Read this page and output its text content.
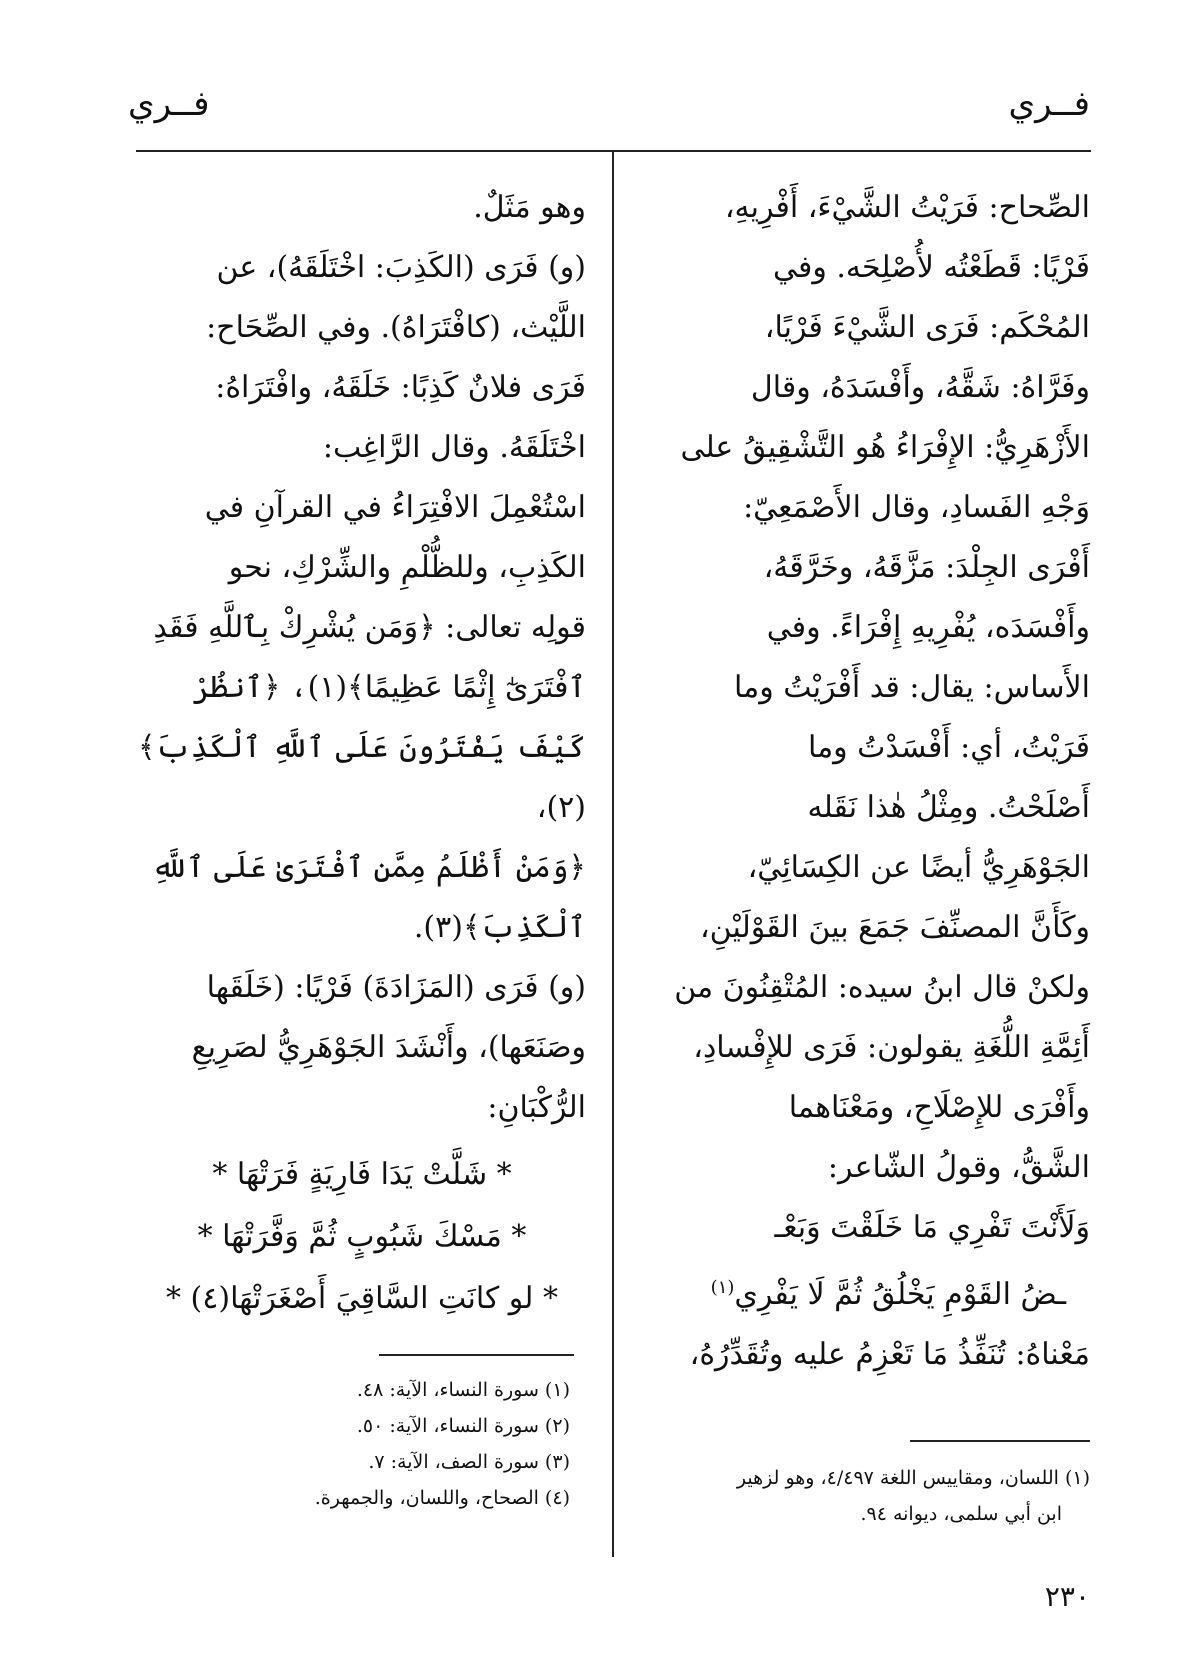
فــري
فــري

الصِّحاح: فَرَيْتُ الشَّيْءَ، أَفْرِيهِ،

فَرْيًا: قَطَعْتُه لأُصْلِحَه. وفي

المُحْكَم: فَرَى الشَّيْءَ فَرْيًا،

وفَرَّاهُ: شَقَّهُ، وأَفْسَدَهُ، وقال

الأَزْهَرِيُّ: الإِفْرَاءُ هُو التَّشْقِيقُ على

وَجْهِ الفَسادِ، وقال الأَصْمَعِيّ:

أَفْرَى الجِلْدَ: مَزَّقَهُ، وخَرَّقَهُ،

وأَفْسَدَه، يُفْرِيهِ إِفْرَاءً. وفي

الأَساس: يقال: قد أَفْرَيْتُ وما

فَرَيْتُ، أي: أَفْسَدْتُ وما

أَصْلَحْتُ. ومِثْلُ هٰذا نَقَله

الجَوْهَرِيُّ أيضًا عن الكِسَائِيّ،

وكَأَنَّ المصنِّفَ جَمَعَ بينَ القَوْلَيْنِ،

ولكنْ قال ابنُ سيده: المُتْقِنُونَ من

أَئِمَّةِ اللُّغَةِ يقولون: فَرَى للإِفْسادِ،

وأَفْرَى للإِصْلَاحِ، ومَعْنَاهما

الشَّقُّ، وقولُ الشّاعر:

وَلَأَنْتَ تَفْرِي مَا خَلَقْتَ وَبَعْـ

ـضُ القَوْمِ يَخْلُقُ ثُمَّ لَا يَفْرِي$^{(١)}$

مَعْناهُ: تُنَفِّذُ مَا تَعْزِمُ عليه وتُقَدِّرُهُ،

وهو مَثَلٌ.

(و) فَرَى (الكَذِبَ: اخْتَلَقَهُ)، عن

اللَّيْث، (كافْتَرَاهُ). وفي الصِّحَاح:

فَرَى فلانٌ كَذِبًا: خَلَقَهُ، وافْتَرَاهُ:

اخْتَلَقَهُ. وقال الرَّاغِب:

اسْتُعْمِلَ الافْتِرَاءُ في القرآنِ في

الكَذِبِ، وللظُّلْمِ والشِّرْكِ، نحو

قولِه تعالى: ﴿وَمَن يُشْرِكْ بِٱللَّهِ فَقَدِ

ٱفْتَرَىٰٓ إِثْمًا عَظِيمًا﴾(١)، ﴿ٱنظُرْ

كَيْفَ يَفْتَرُونَ عَلَى ٱللَّهِ ٱلْكَذِبَ﴾(٢)،

﴿وَمَنْ أَظْلَمُ مِمَّنِ ٱفْتَرَىٰ عَلَى ٱللَّهِ

ٱلْكَذِبَ﴾(٣).

(و) فَرَى (المَزَادَةَ) فَرْيًا: (خَلَقَها

وصَنَعَها)، وأَنْشَدَ الجَوْهَرِيُّ لصَرِيعِ

الرُّكْبَانِ:

* شَلَّتْ يَدَا فَارِيَةٍ فَرَتْهَا *

* مَسْكَ شَبُوبٍ ثُمَّ وَفَّرَتْهَا *

* لو كانَتِ السَّاقِيَ أَصْغَرَتْهَا(٤) *

(١) سورة النساء، الآية: ٤٨.
(٢) سورة النساء، الآية: ٥٠.
(٣) سورة الصف، الآية: ٧.
(٤) الصحاح، واللسان، والجمهرة.
(١) اللسان، ومقاييس اللغة ٤/٤٩٧، وهو لزهير
ابن أبي سلمى، ديوانه ٩٤.
٢٣٠
